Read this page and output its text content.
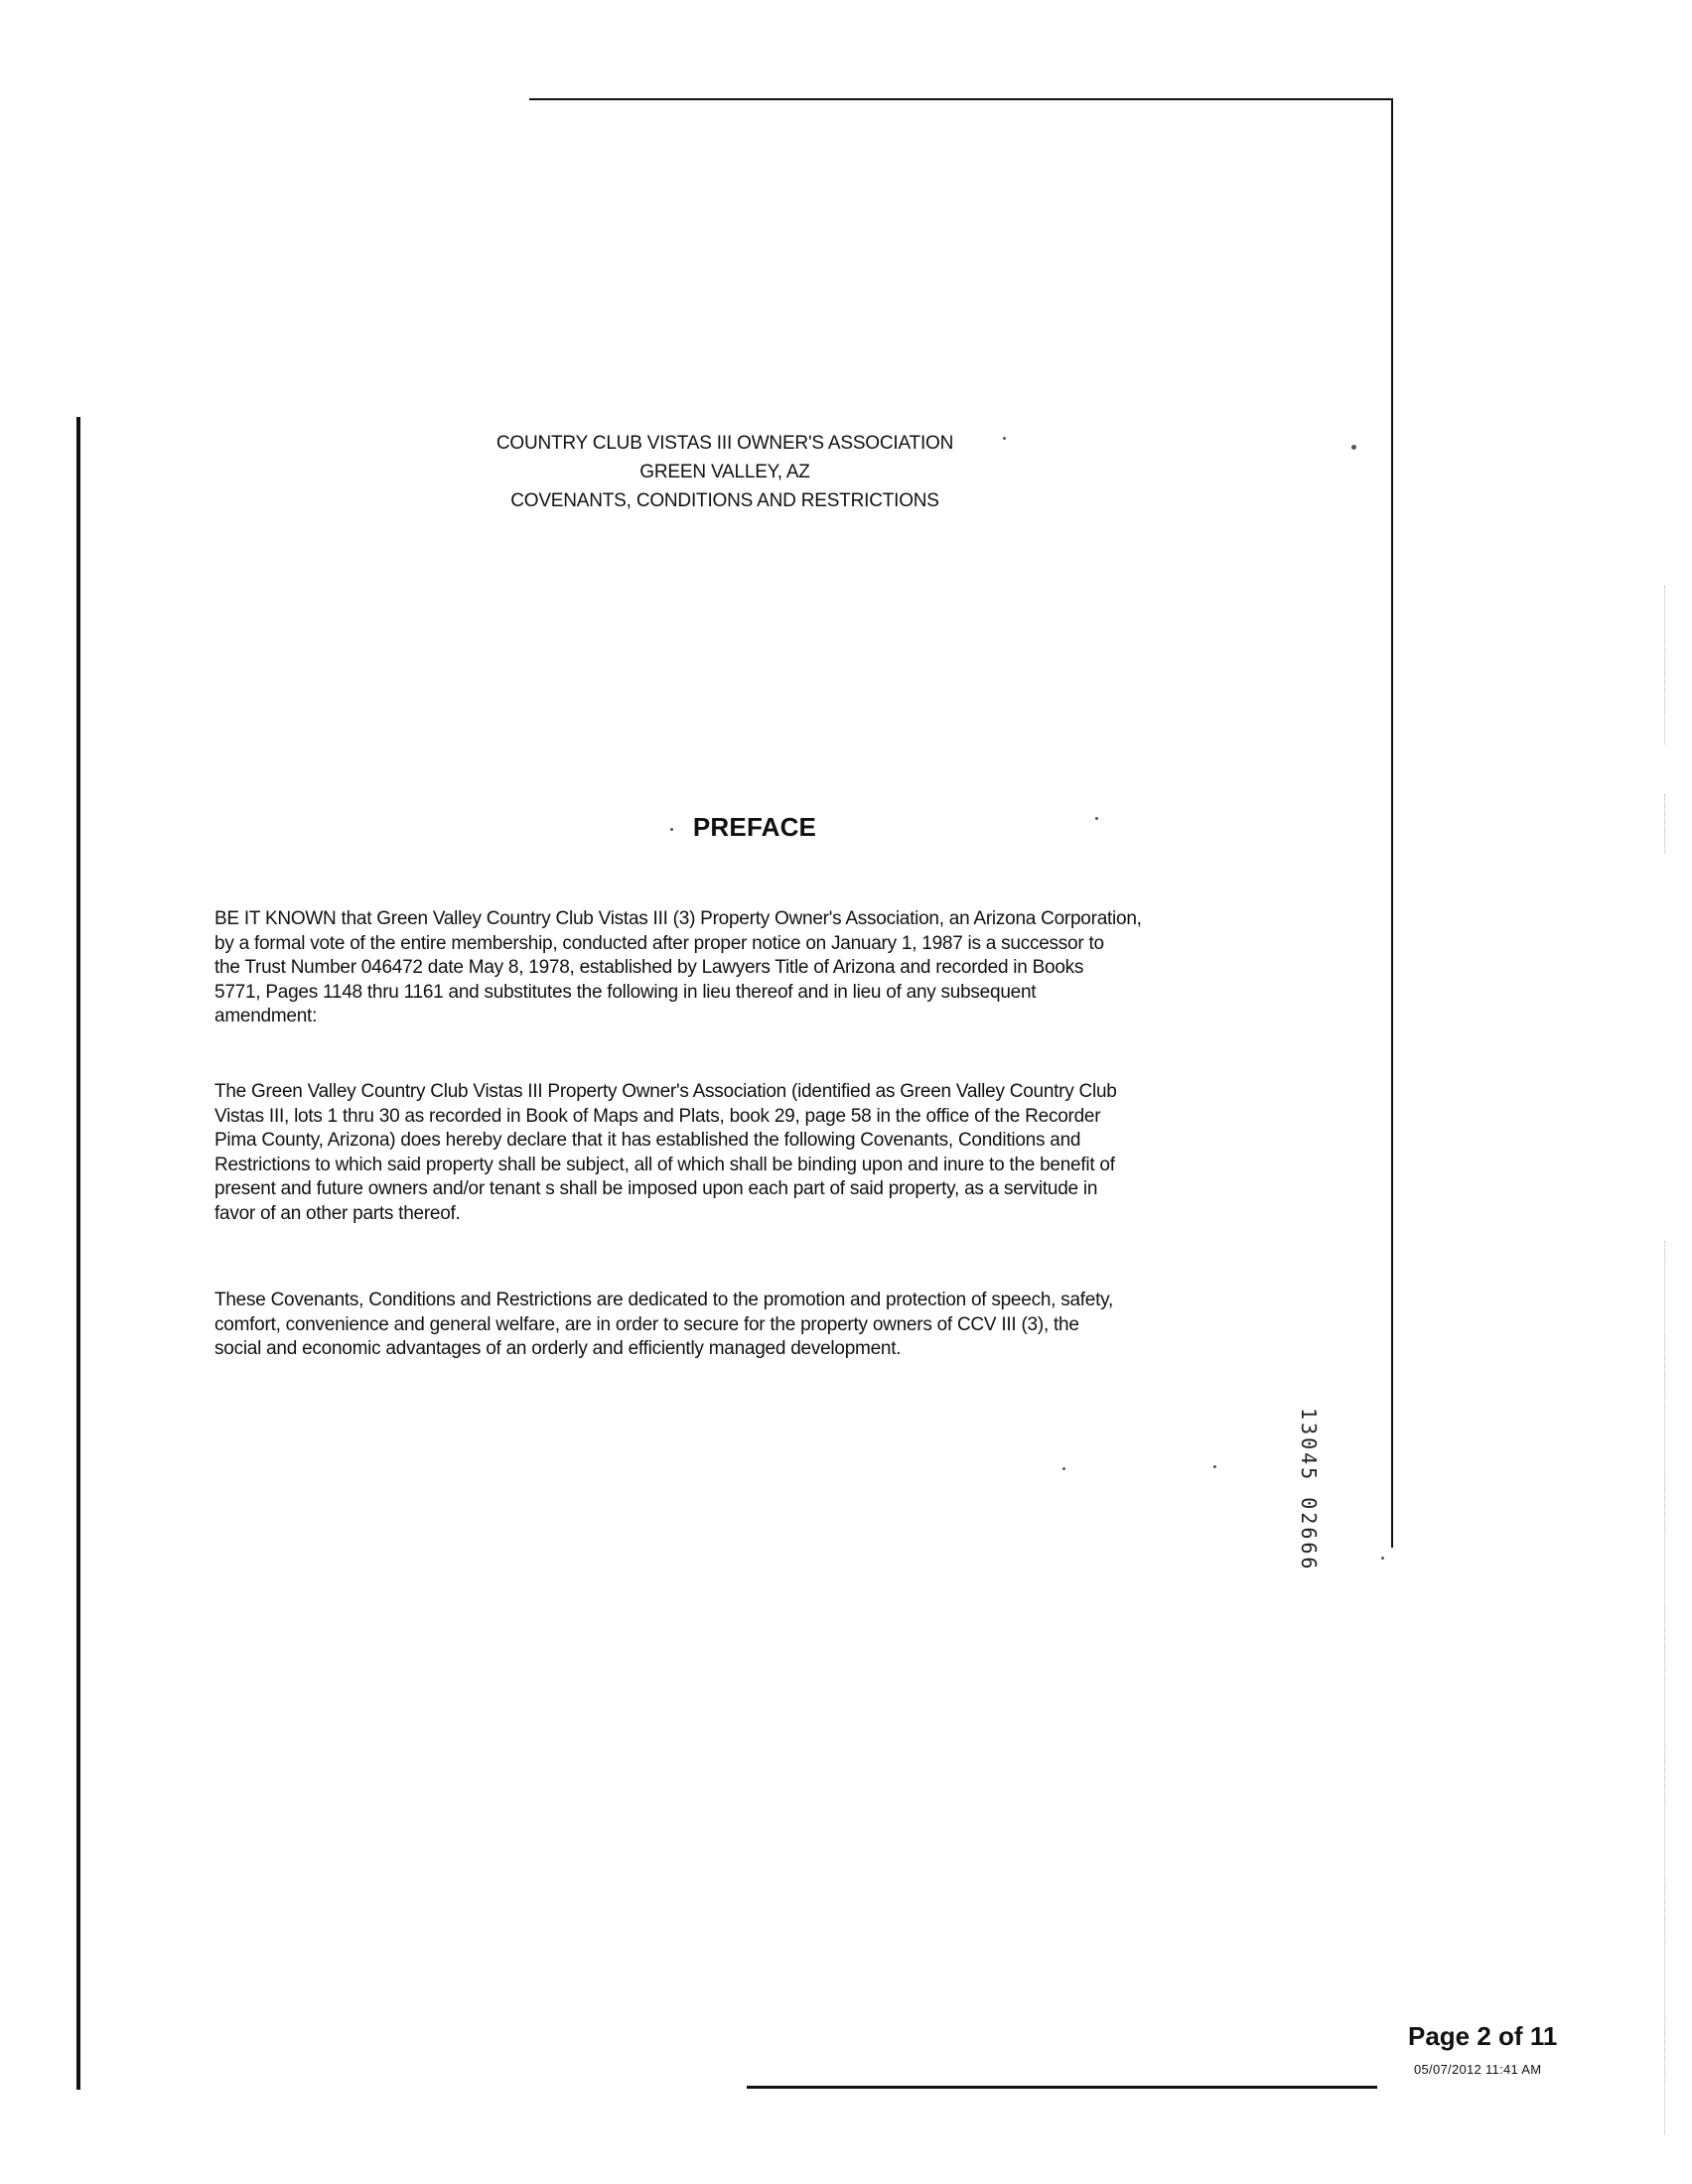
COUNTRY CLUB VISTAS III OWNER'S ASSOCIATION
GREEN VALLEY, AZ
COVENANTS, CONDITIONS AND RESTRICTIONS
PREFACE
BE IT KNOWN that Green Valley Country Club Vistas III (3) Property Owner's Association, an Arizona Corporation,
by a formal vote of the entire membership, conducted after proper notice on January 1, 1987 is a successor to
the Trust Number 046472 date May 8, 1978, established by Lawyers Title of Arizona and recorded in Books
5771, Pages 1148 thru 1161 and substitutes the following in lieu thereof and in lieu of any subsequent
amendment:
The Green Valley Country Club Vistas III Property Owner's Association (identified as Green Valley Country Club
Vistas III, lots 1 thru 30 as recorded in Book of Maps and Plats, book 29, page 58 in the office of the Recorder
Pima County, Arizona) does hereby declare that it has established the following Covenants, Conditions and
Restrictions to which said property shall be subject, all of which shall be binding upon and inure to the benefit of
present and future owners and/or tenant s shall be imposed upon each part of said property, as a servitude in
favor of an other parts thereof.
These Covenants, Conditions and Restrictions are dedicated to the promotion and protection of speech, safety,
comfort, convenience and general welfare, are in order to secure for the property owners of CCV III (3), the
social and economic advantages of an orderly and efficiently managed development.
13045 02666
Page 2 of 11
05/07/2012 11:41 AM
